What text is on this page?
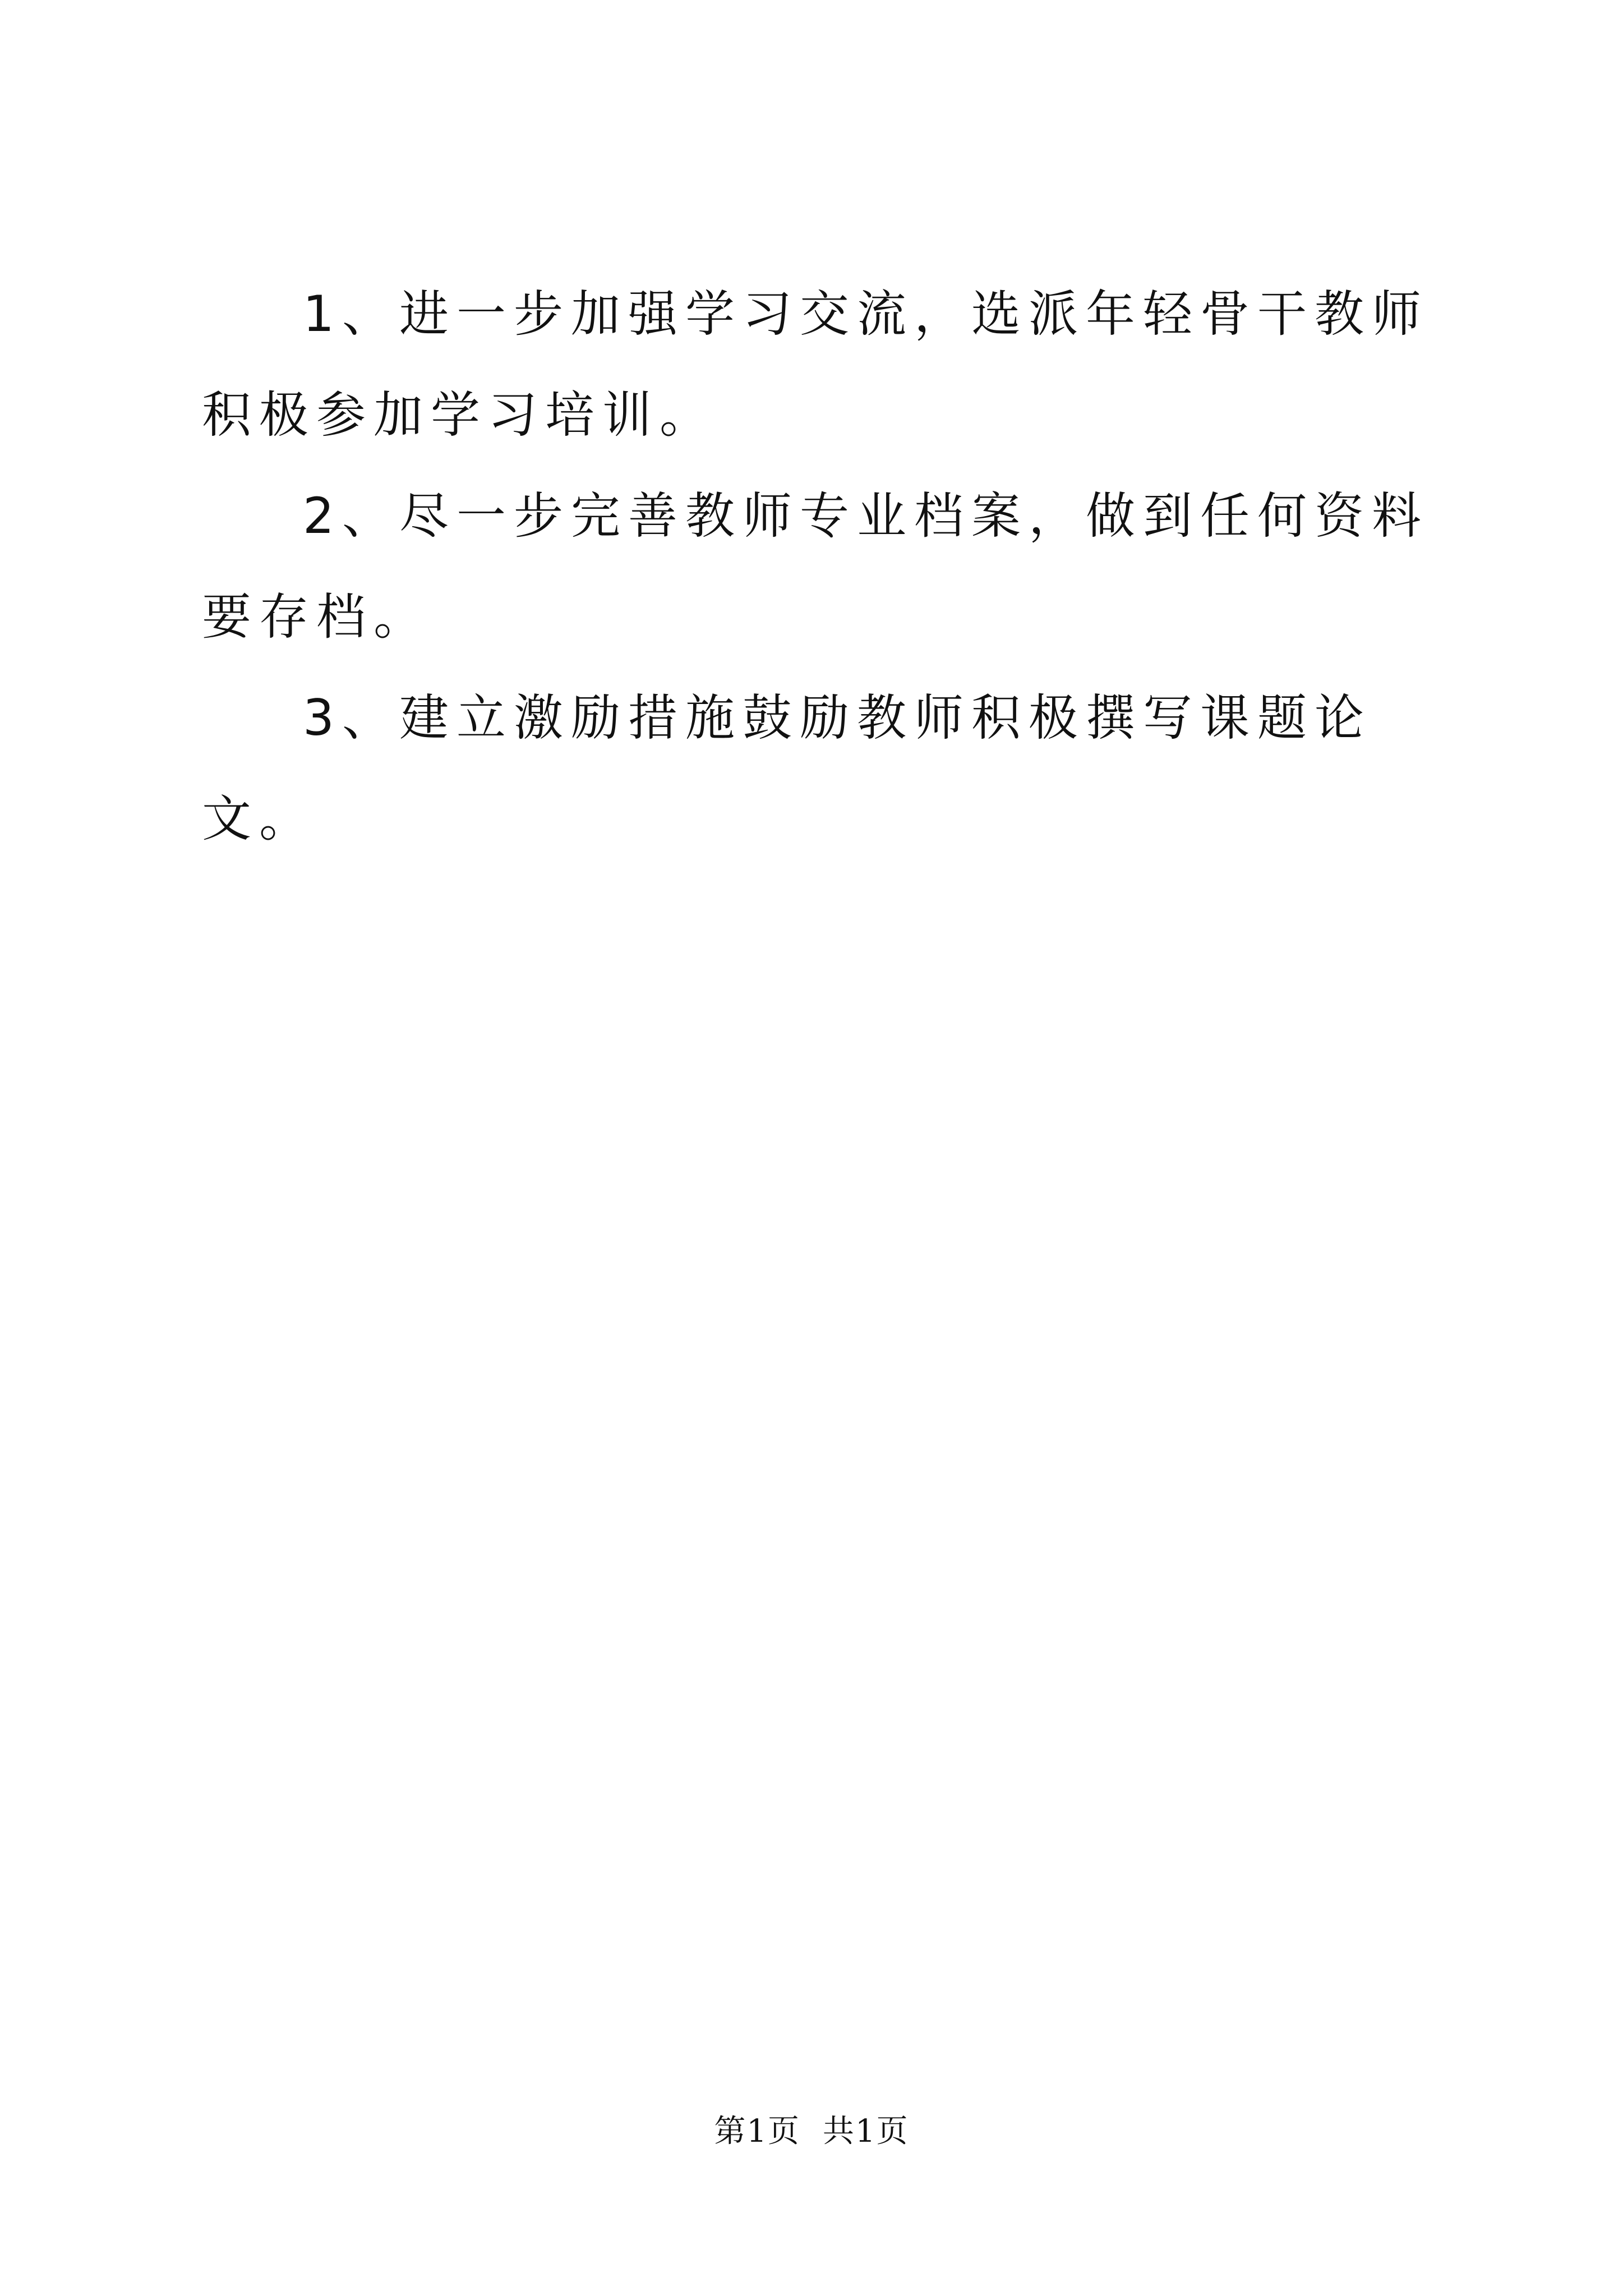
1、进一步加强学习交流，选派年轻骨干教师积极参加学习培训。

2、尽一步完善教师专业档案，做到任何资料要存档。

3、建立激励措施鼓励教师积极撰写课题论文。

第1页 共1页
